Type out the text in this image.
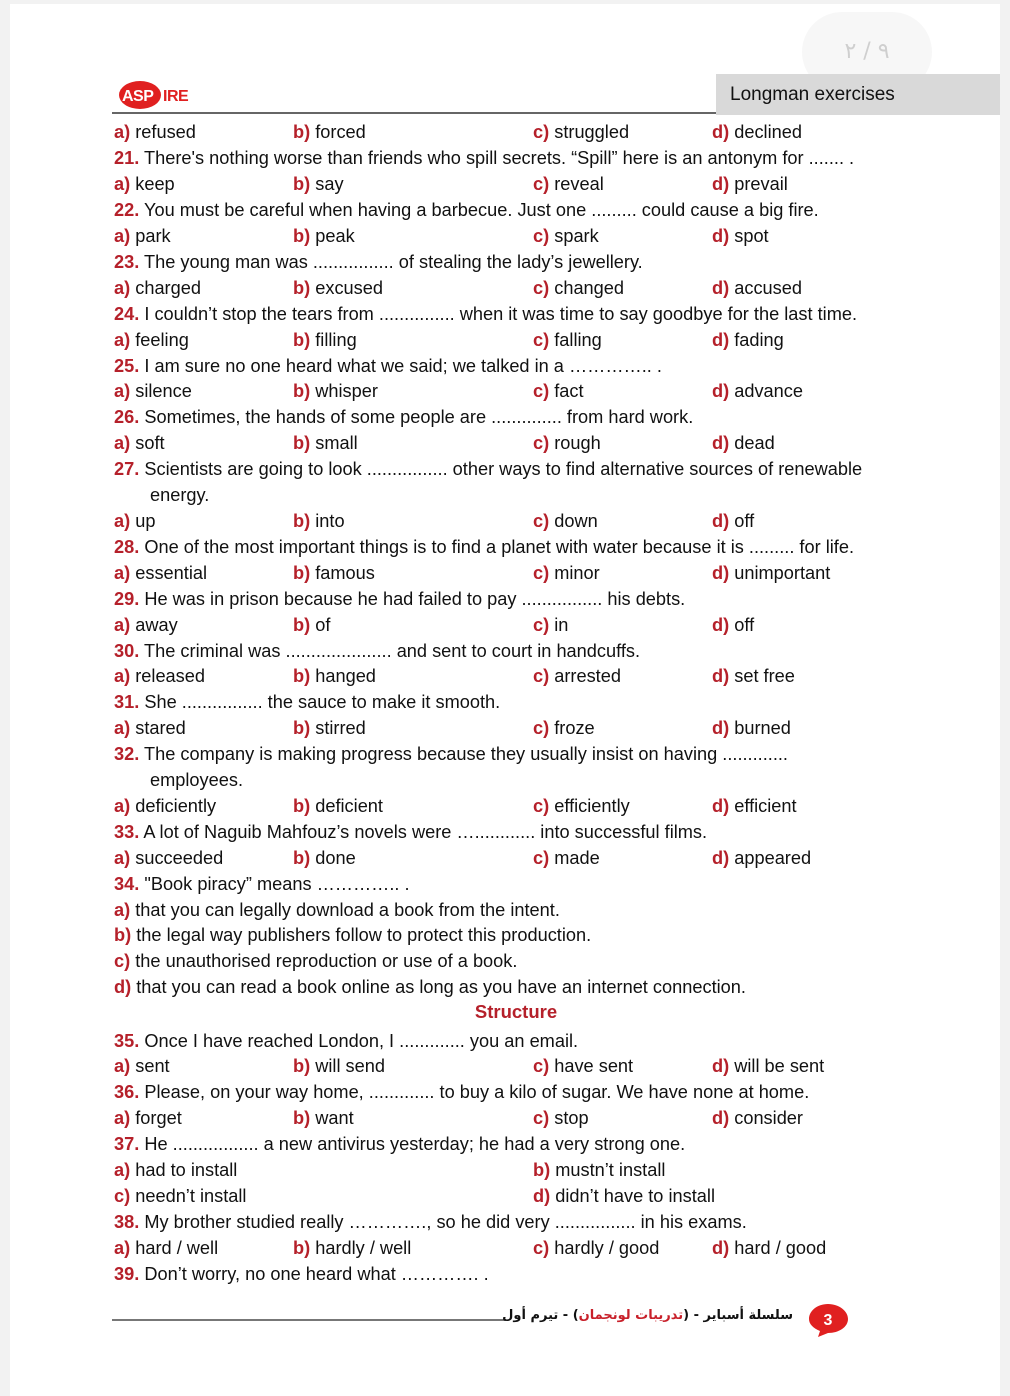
٩ / ٢
ASP IRE	Longman exercises
a) refused	b) forced	c) struggled	d) declined
21. There's nothing worse than friends who spill secrets. “Spill” here is an antonym for ....... .
a) keep	b) say	c) reveal	d) prevail
22. You must be careful when having a barbecue. Just one ......... could cause a big fire.
a) park	b) peak	c) spark	d) spot
23. The young man was ................ of stealing the lady’s jewellery.
a) charged	b) excused	c) changed	d) accused
24. I couldn’t stop the tears from ............... when it was time to say goodbye for the last time.
a) feeling	b) filling	c) falling	d) fading
25. I am sure no one heard what we said; we talked in a ………….. .
a) silence	b) whisper	c) fact	d) advance
26. Sometimes, the hands of some people are .............. from hard work.
a) soft	b) small	c) rough	d) dead
27. Scientists are going to look ................ other ways to find alternative sources of renewable
energy.
a) up	b) into	c) down	d) off
28. One of the most important things is to find a planet with water because it is ......... for life.
a) essential	b) famous	c) minor	d) unimportant
29. He was in prison because he had failed to pay ................ his debts.
a) away	b) of	c) in	d) off
30. The criminal was ..................... and sent to court in handcuffs.
a) released	b) hanged	c) arrested	d) set free
31. She ................ the sauce to make it smooth.
a) stared	b) stirred	c) froze	d) burned
32. The company is making progress because they usually insist on having .............
employees.
a) deficiently	b) deficient	c) efficiently	d) efficient
33. A lot of Naguib Mahfouz’s novels were …............ into successful films.
a) succeeded	b) done	c) made	d) appeared
34. "Book piracy” means ………….. .
a) that you can legally download a book from the intent.
b) the legal way publishers follow to protect this production.
c) the unauthorised reproduction or use of a book.
d) that you can read a book online as long as you have an internet connection.
Structure
35. Once I have reached London, I ............. you an email.
a) sent	b) will send	c) have sent	d) will be sent
36. Please, on your way home, ............. to buy a kilo of sugar. We have none at home.
a) forget	b) want	c) stop	d) consider
37. He ................. a new antivirus yesterday; he had a very strong one.
a) had to install	b) mustn’t install
c) needn’t install	d) didn’t have to install
38. My brother studied really …………., so he did very ................ in his exams.
a) hard / well	b) hardly / well	c) hardly / good	d) hard / good
39. Don’t worry, no one heard what …………. .
سلسلة أسباير - (تدريبات لونجمان) - تيرم أول	3
